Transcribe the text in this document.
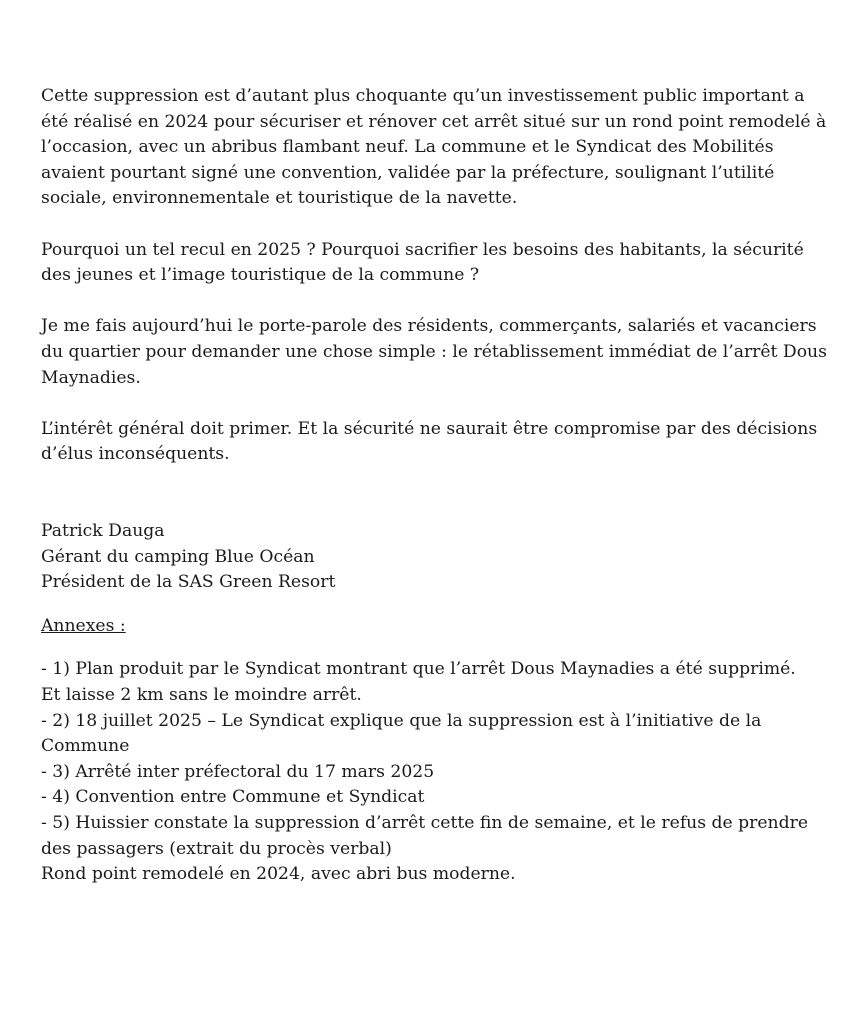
Cette suppression est d’autant plus choquante qu’un investissement public important a été réalisé en 2024 pour sécuriser et rénover cet arrêt situé sur un rond point remodelé à l’occasion, avec un abribus flambant neuf. La commune et le Syndicat des Mobilités avaient pourtant signé une convention, validée par la préfecture, soulignant l’utilité sociale, environnementale et touristique de la navette.

Pourquoi un tel recul en 2025 ? Pourquoi sacrifier les besoins des habitants, la sécurité des jeunes et l’image touristique de la commune ?

Je me fais aujourd’hui le porte-parole des résidents, commerçants, salariés et vacanciers du quartier pour demander une chose simple : le rétablissement immédiat de l’arrêt Dous Maynadies.

L’intérêt général doit primer. Et la sécurité ne saurait être compromise par des décisions d’élus inconséquents.

Patrick Dauga
Gérant du camping Blue Océan
Président de la SAS Green Resort
Annexes :
- 1) Plan produit par le Syndicat montrant que l’arrêt Dous Maynadies a été supprimé.
Et laisse 2 km sans le moindre arrêt.
- 2) 18 juillet 2025 – Le Syndicat explique que la suppression est à l’initiative de la Commune
- 3) Arrêté inter préfectoral du 17 mars 2025
- 4) Convention entre Commune et Syndicat
- 5) Huissier constate la suppression d’arrêt cette fin de semaine, et le refus de prendre des passagers (extrait du procès verbal)
Rond point remodelé en 2024, avec abri bus moderne.
